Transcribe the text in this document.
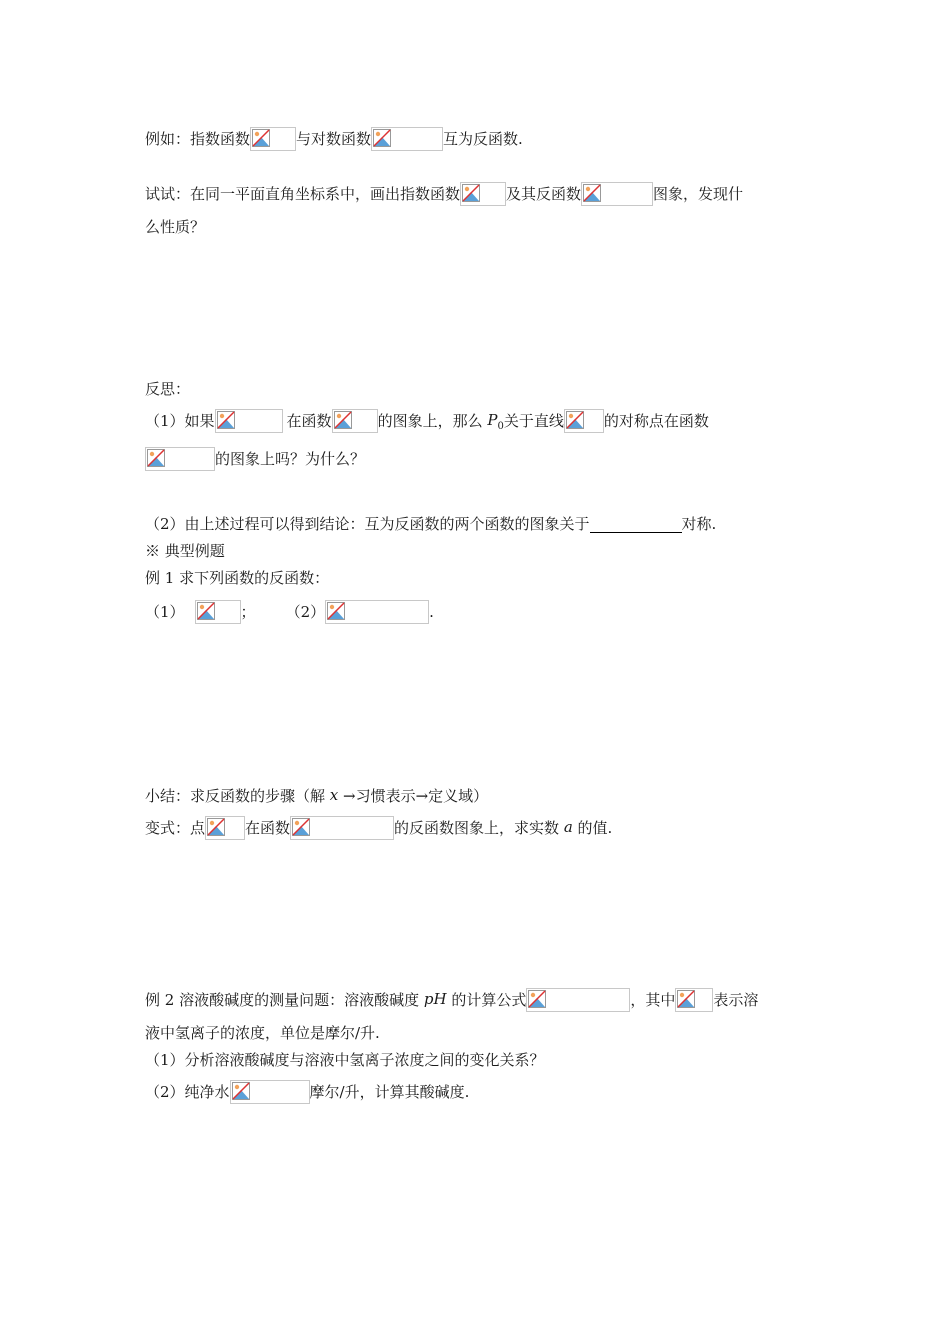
例如：指数函数	与对数函数	互为反函数.
试试：在同一平面直角坐标系中，画出指数函数	及其反函数	图象，发现什
么性质？
反思：
（1）如果	在函数	的图象上，那么 $P_0$关于直线	的对称点在函数
的图象上吗？为什么？
（2）由上述过程可以得到结论：互为反函数的两个函数的图象关于	对称.
※ 典型例题
例 1 求下列函数的反函数：
（1）	； （2）	.
小结：求反函数的步骤（解 x →习惯表示→定义域）
变式：点	在函数	的反函数图象上，求实数 a 的值.
例 2 溶液酸碱度的测量问题：溶液酸碱度 pH 的计算公式	，其中	表示溶
液中氢离子的浓度，单位是摩尔/升.
（1）分析溶液酸碱度与溶液中氢离子浓度之间的变化关系？
（2）纯净水	摩尔/升，计算其酸碱度.
